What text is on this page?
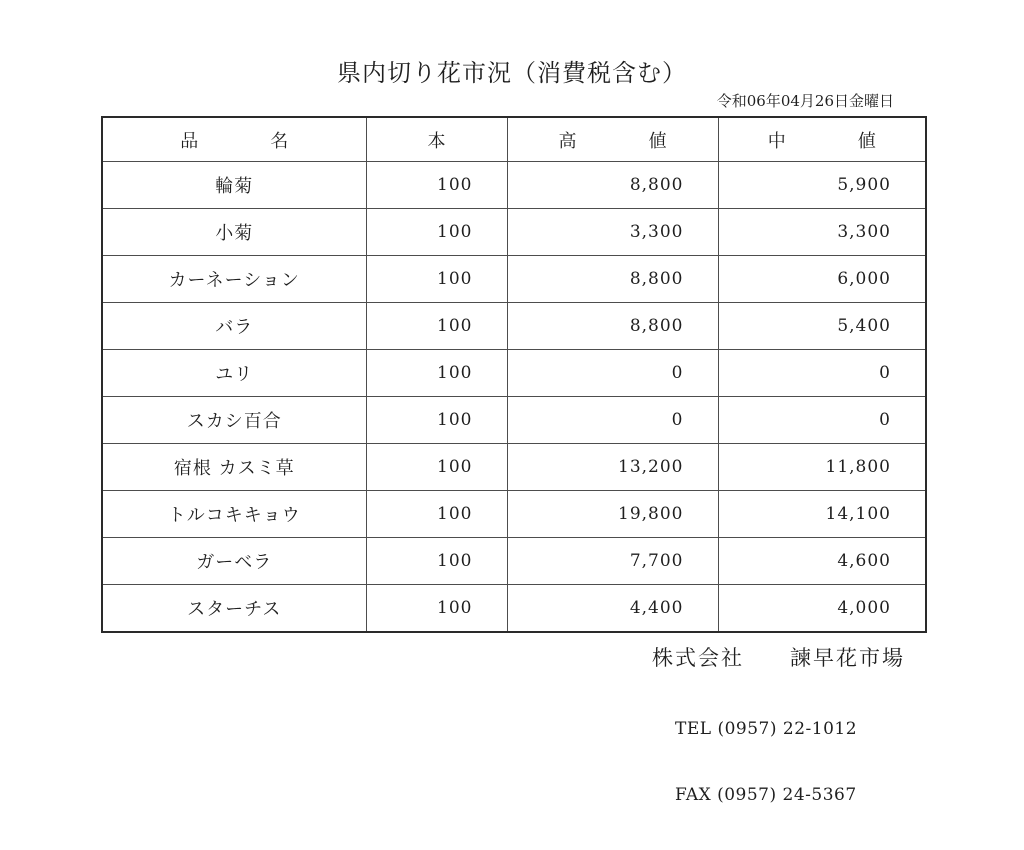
県内切り花市況（消費税含む）
令和06年04月26日金曜日
品　　　　名	本	高　　　　値	中　　　　値
輪菊	100	8,800	5,900
小菊	100	3,300	3,300
カーネーション	100	8,800	6,000
バラ	100	8,800	5,400
ユリ	100	0	0
スカシ百合	100	0	0
宿根 カスミ草	100	13,200	11,800
トルコキキョウ	100	19,800	14,100
ガーベラ	100	7,700	4,600
スターチス	100	4,400	4,000
株式会社　　諫早花市場

TEL (0957) 22-1012

FAX (0957) 24-5367
